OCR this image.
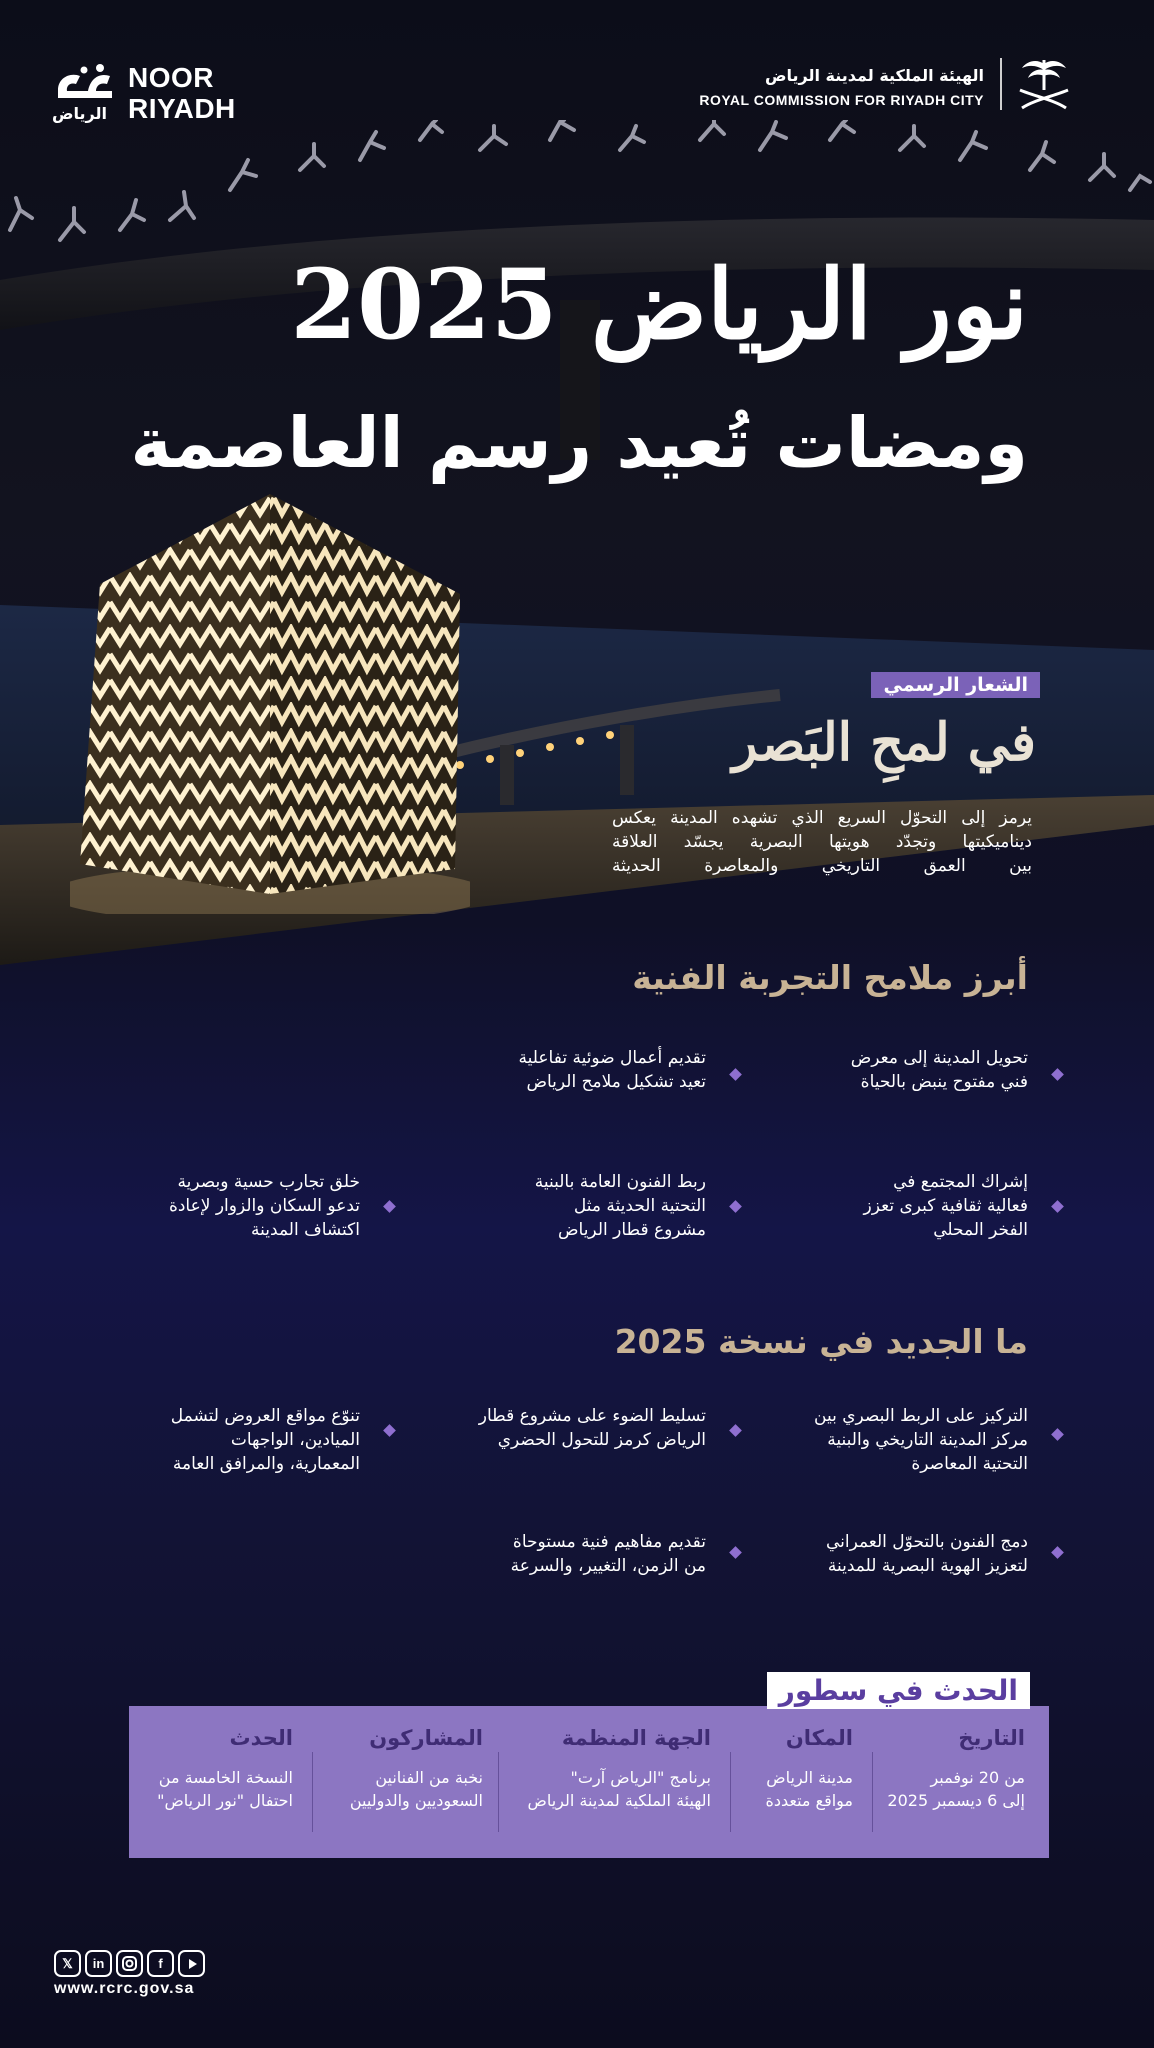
الرياض
NOOR
RIYADH
الهيئة الملكية لمدينة الرياض
ROYAL COMMISSION FOR RIYADH CITY
نور الرياض 2025
ومضات تُعيد رسم العاصمة
الشعار الرسمي
في لمحِ البَصر
يرمز إلى التحوّل السريع الذي تشهده المدينة يعكس
ديناميكيتها وتجدّد هويتها البصرية يجسّد العلاقة
بين العمق التاريخي والمعاصرة الحديثة
أبرز ملامح التجربة الفنية
تحويل المدينة إلى معرض
فني مفتوح ينبض بالحياة
تقديم أعمال ضوئية تفاعلية
تعيد تشكيل ملامح الرياض
إشراك المجتمع في
فعالية ثقافية كبرى تعزز
الفخر المحلي
ربط الفنون العامة بالبنية
التحتية الحديثة مثل
مشروع قطار الرياض
خلق تجارب حسية وبصرية
تدعو السكان والزوار لإعادة
اكتشاف المدينة
ما الجديد في نسخة 2025
التركيز على الربط البصري بين
مركز المدينة التاريخي والبنية
التحتية المعاصرة
تسليط الضوء على مشروع قطار
الرياض كرمز للتحول الحضري
تنوّع مواقع العروض لتشمل
الميادين، الواجهات
المعمارية، والمرافق العامة
دمج الفنون بالتحوّل العمراني
لتعزيز الهوية البصرية للمدينة
تقديم مفاهيم فنية مستوحاة
من الزمن، التغيير، والسرعة
الحدث في سطور
التاريخ
من 20 نوفمبر
إلى 6 ديسمبر 2025
المكان
مدينة الرياض
مواقع متعددة
الجهة المنظمة
برنامج "الرياض آرت"
الهيئة الملكية لمدينة الرياض
المشاركون
نخبة من الفنانين
السعوديين والدوليين
الحدث
النسخة الخامسة من
احتفال "نور الرياض"
𝕏	in	f
www.rcrc.gov.sa
